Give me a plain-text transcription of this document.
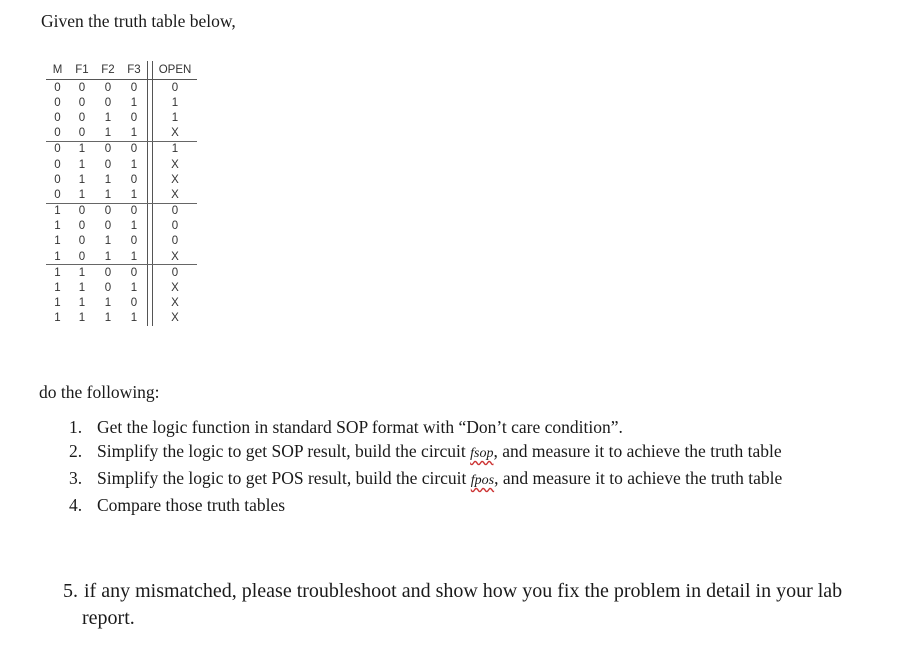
Given the truth table below,
M	F1	F2	F3		OPEN
0	0	0	0		0
0	0	0	1		1
0	0	1	0		1
0	0	1	1		X
0	1	0	0		1
0	1	0	1		X
0	1	1	0		X
0	1	1	1		X
1	0	0	0		0
1	0	0	1		0
1	0	1	0		0
1	0	1	1		X
1	1	0	0		0
1	1	0	1		X
1	1	1	0		X
1	1	1	1		X
do the following:
1. Get the logic function in standard SOP format with “Don’t care condition”.
2. Simplify the logic to get SOP result, build the circuit fsop, and measure it to achieve the truth table
3. Simplify the logic to get POS result, build the circuit fpos, and measure it to achieve the truth table
4. Compare those truth tables
5. if any mismatched, please troubleshoot and show how you fix the problem in detail in your lab
report.
